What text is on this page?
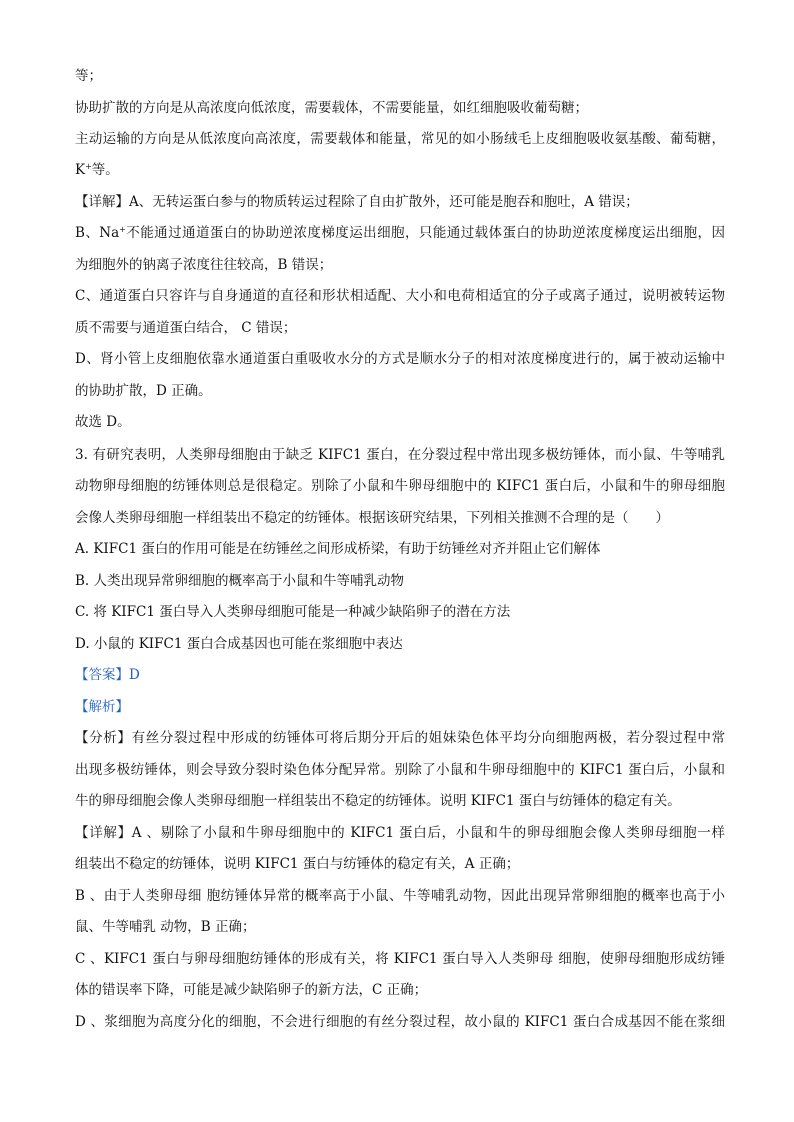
等；
协助扩散的方向是从高浓度向低浓度，需要载体，不需要能量，如红细胞吸收葡萄糖；
主动运输的方向是从低浓度向高浓度，需要载体和能量，常见的如小肠绒毛上皮细胞吸收氨基酸、葡萄糖，
K+等。
【详解】A、无转运蛋白参与的物质转运过程除了自由扩散外，还可能是胞吞和胞吐，A 错误；
B、Na+不能通过通道蛋白的协助逆浓度梯度运出细胞，只能通过载体蛋白的协助逆浓度梯度运出细胞，因
为细胞外的钠离子浓度往往较高，B 错误；
C、通道蛋白只容许与自身通道的直径和形状相适配、大小和电荷相适宜的分子或离子通过，说明被转运物
质不需要与通道蛋白结合， C 错误；
D、肾小管上皮细胞依靠水通道蛋白重吸收水分的方式是顺水分子的相对浓度梯度进行的，属于被动运输中
的协助扩散，D 正确。
故选 D。
3. 有研究表明，人类卵母细胞由于缺乏 KIFC1 蛋白，在分裂过程中常出现多极纺锤体，而小鼠、牛等哺乳
动物卵母细胞的纺锤体则总是很稳定。别除了小鼠和牛卵母细胞中的 KIFC1 蛋白后，小鼠和牛的卵母细胞
会像人类卵母细胞一样组装出不稳定的纺锤体。根据该研究结果，下列相关推测不合理的是（　　）
A. KIFC1 蛋白的作用可能是在纺锤丝之间形成桥梁，有助于纺锤丝对齐并阻止它们解体
B. 人类出现异常卵细胞的概率高于小鼠和牛等哺乳动物
C. 将 KIFC1 蛋白导入人类卵母细胞可能是一种减少缺陷卵子的潜在方法
D. 小鼠的 KIFC1 蛋白合成基因也可能在浆细胞中表达
【答案】D
【解析】
【分析】有丝分裂过程中形成的纺锤体可将后期分开后的姐妹染色体平均分向细胞两极，若分裂过程中常
出现多极纺锤体，则会导致分裂时染色体分配异常。别除了小鼠和牛卵母细胞中的 KIFC1 蛋白后，小鼠和
牛的卵母细胞会像人类卵母细胞一样组装出不稳定的纺锤体。说明 KIFC1 蛋白与纺锤体的稳定有关。
【详解】A 、剔除了小鼠和牛卵母细胞中的 KIFC1 蛋白后，小鼠和牛的卵母细胞会像人类卵母细胞一样
组装出不稳定的纺锤体，说明 KIFC1 蛋白与纺锤体的稳定有关，A 正确；
B 、由于人类卵母细 胞纺锤体异常的概率高于小鼠、牛等哺乳动物，因此出现异常卵细胞的概率也高于小
鼠、牛等哺乳 动物，B 正确；
C 、KIFC1 蛋白与卵母细胞纺锤体的形成有关，将 KIFC1 蛋白导入人类卵母 细胞，使卵母细胞形成纺锤
体的错误率下降，可能是减少缺陷卵子的新方法，C 正确；
D 、浆细胞为高度分化的细胞，不会进行细胞的有丝分裂过程，故小鼠的 KIFC1 蛋白合成基因不能在浆细
